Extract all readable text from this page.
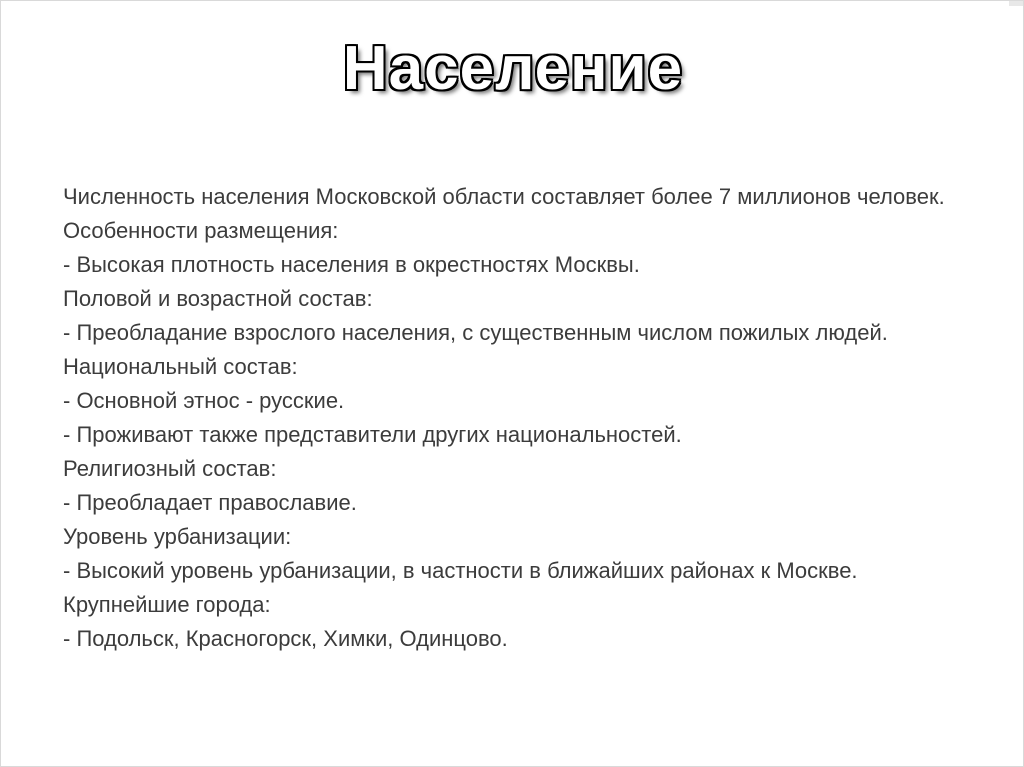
Население

Численность населения Московской области составляет более 7 миллионов человек.

Особенности размещения:

- Высокая плотность населения в окрестностях Москвы.

Половой и возрастной состав:

- Преобладание взрослого населения, с существенным числом пожилых людей.

Национальный состав:

- Основной этнос - русские.

- Проживают также представители других национальностей.

Религиозный состав:

- Преобладает православие.

Уровень урбанизации:

- Высокий уровень урбанизации, в частности в ближайших районах к Москве.

Крупнейшие города:

- Подольск, Красногорск, Химки, Одинцово.
